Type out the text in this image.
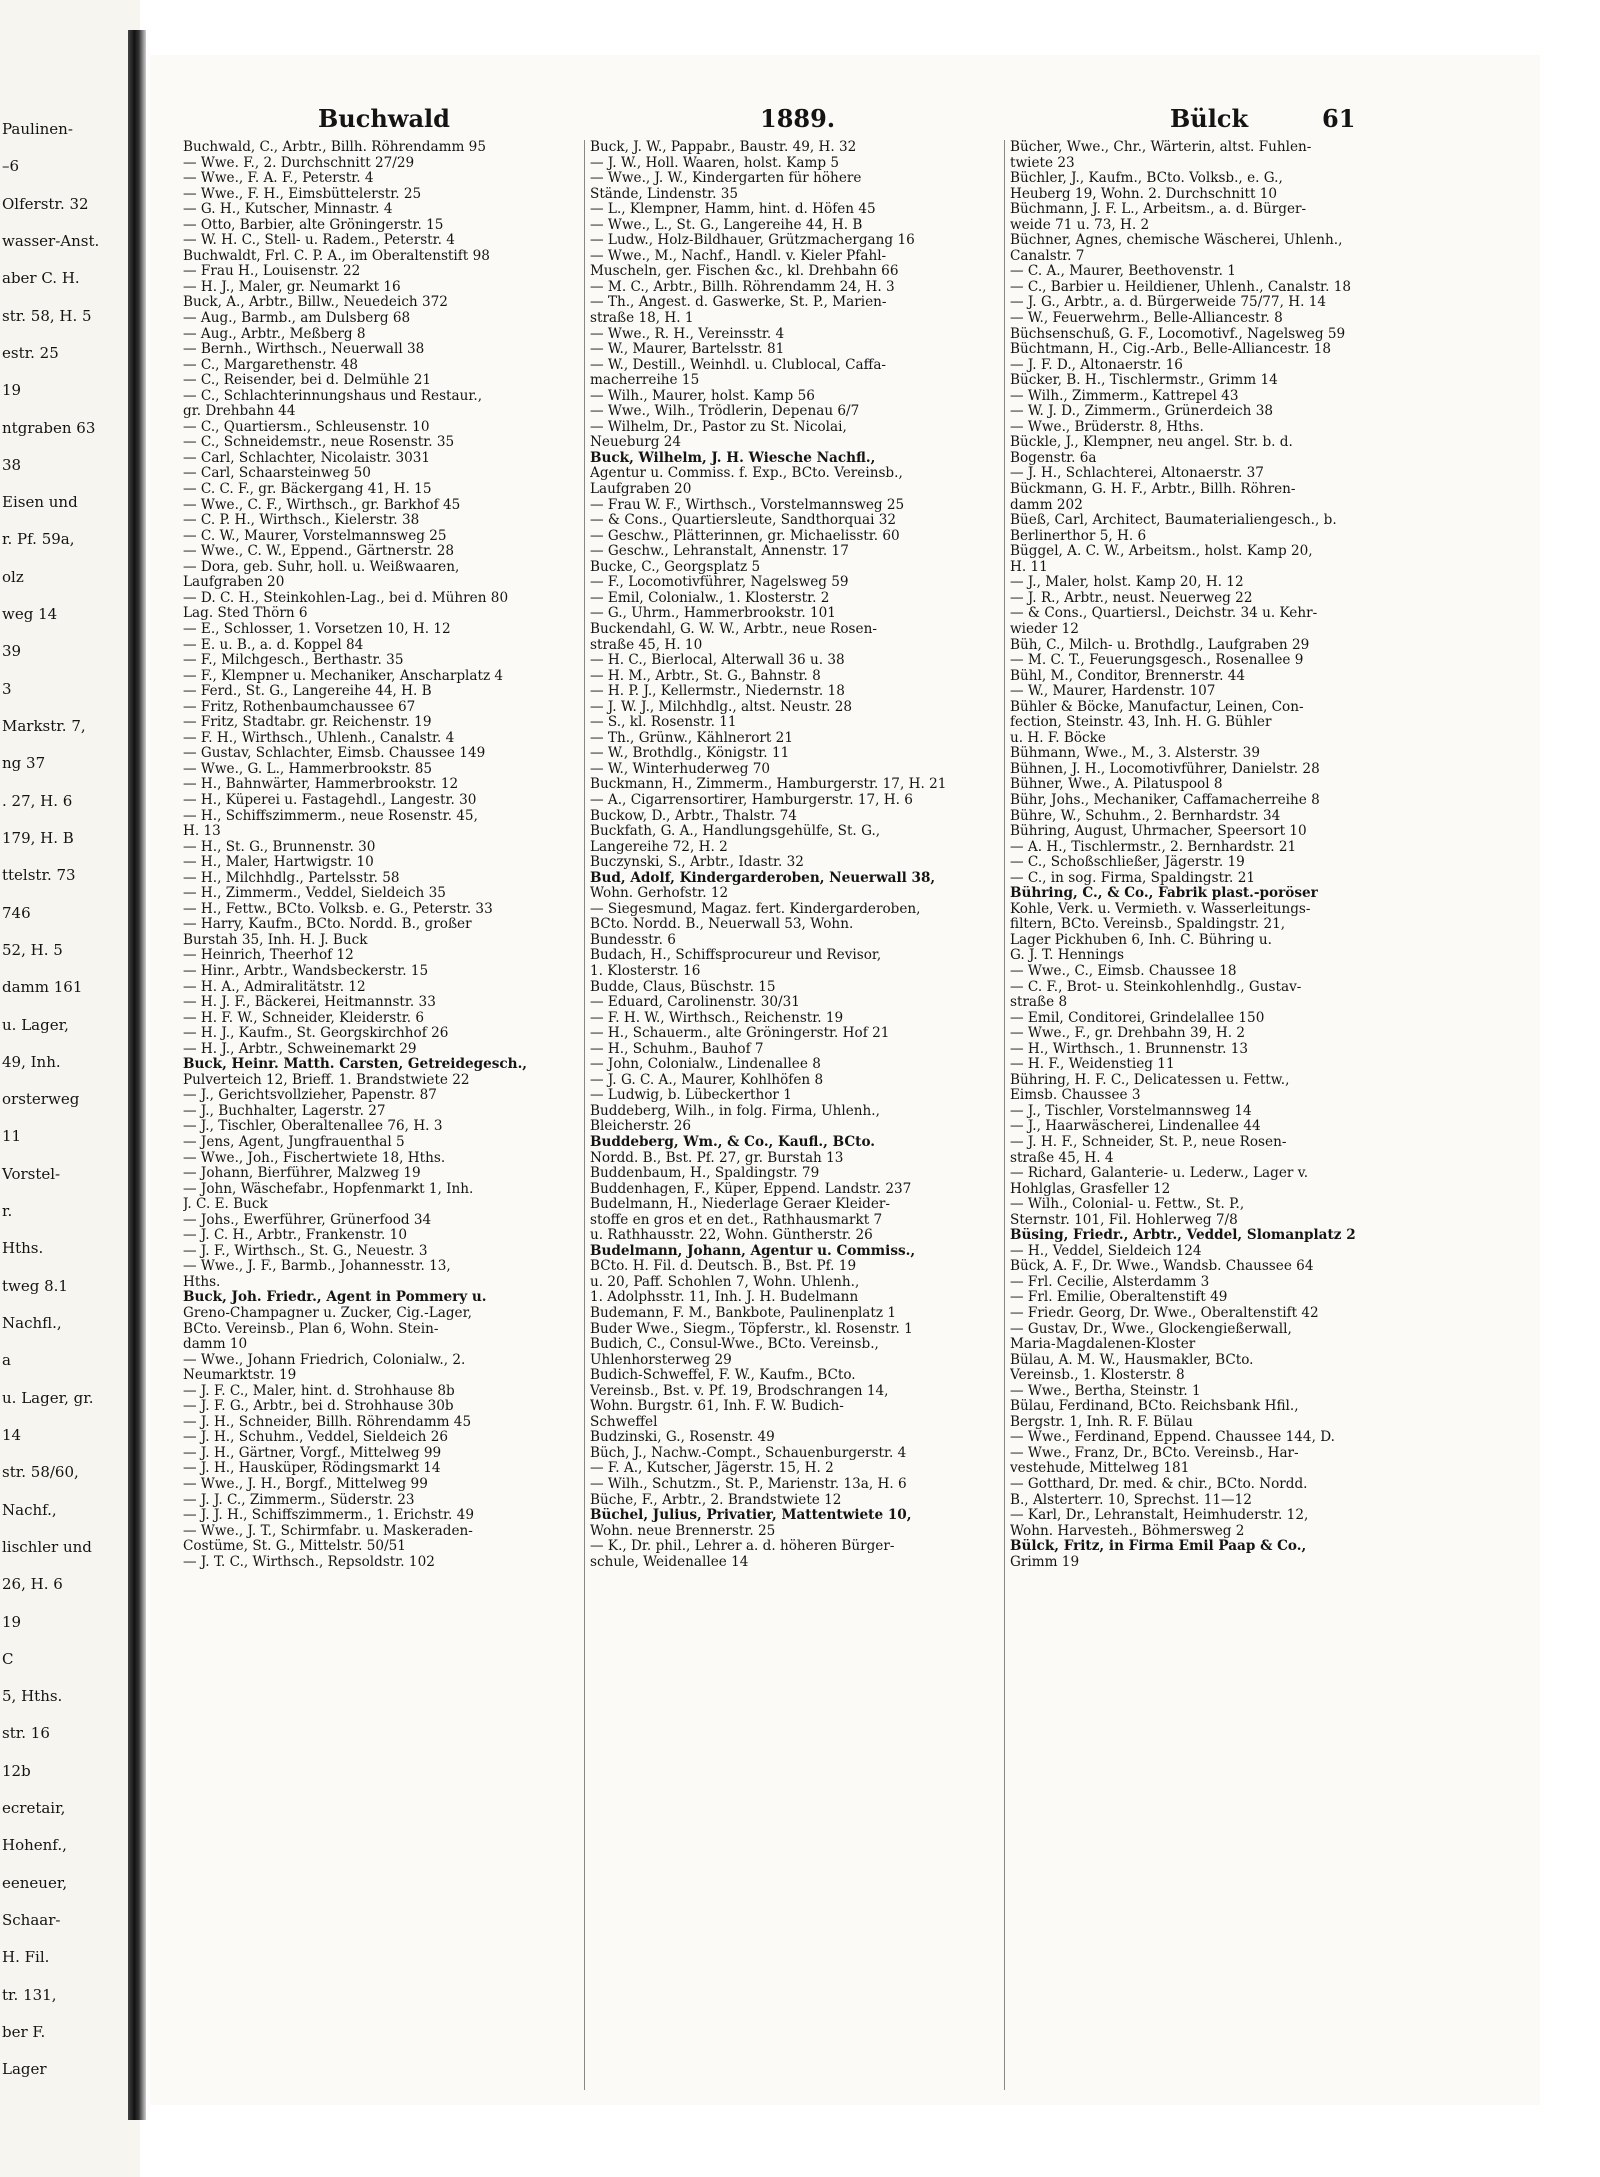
Paulinen-
–6
Olferstr. 32
wasser-Anst.
aber C. H.
str. 58, H. 5
estr. 25
19
ntgraben 63
38
Eisen und
r. Pf. 59a,
olz
weg 14
39
3
Markstr. 7,
ng 37
. 27, H. 6
179, H. B
ttelstr. 73
746
52, H. 5
damm 161
u. Lager,
49, Inh.
orsterweg
11
Vorstel-
r.
Hths.
tweg 8.1
Nachfl.,
a
u. Lager, gr.
14
str. 58/60,
Nachf.,
lischler und
26, H. 6
19
C
5, Hths.
str. 16
12b
ecretair,
Hohenf.,
eeneuer,
Schaar-
H. Fil.
tr. 131,
ber F.
Lager
Buchwald	1889.	Bülck	61
Buchwald, C., Arbtr., Billh. Röhrendamm 95
— Wwe. F., 2. Durchschnitt 27/29
— Wwe., F. A. F., Peterstr. 4
— Wwe., F. H., Eimsbüttelerstr. 25
— G. H., Kutscher, Minnastr. 4
— Otto, Barbier, alte Gröningerstr. 15
— W. H. C., Stell- u. Radem., Peterstr. 4
Buchwaldt, Frl. C. P. A., im Oberaltenstift 98
— Frau H., Louisenstr. 22
— H. J., Maler, gr. Neumarkt 16
Buck, A., Arbtr., Billw., Neuedeich 372
— Aug., Barmb., am Dulsberg 68
— Aug., Arbtr., Meßberg 8
— Bernh., Wirthsch., Neuerwall 38
— C., Margarethenstr. 48
— C., Reisender, bei d. Delmühle 21
— C., Schlachterinnungshaus und Restaur.,
gr. Drehbahn 44
— C., Quartiersm., Schleusenstr. 10
— C., Schneidemstr., neue Rosenstr. 35
— Carl, Schlachter, Nicolaistr. 3031
— Carl, Schaarsteinweg 50
— C. C. F., gr. Bäckergang 41, H. 15
— Wwe., C. F., Wirthsch., gr. Barkhof 45
— C. P. H., Wirthsch., Kielerstr. 38
— C. W., Maurer, Vorstelmannsweg 25
— Wwe., C. W., Eppend., Gärtnerstr. 28
— Dora, geb. Suhr, holl. u. Weißwaaren,
Laufgraben 20
— D. C. H., Steinkohlen-Lag., bei d. Mühren 80
Lag. Sted Thörn 6
— E., Schlosser, 1. Vorsetzen 10, H. 12
— E. u. B., a. d. Koppel 84
— F., Milchgesch., Berthastr. 35
— F., Klempner u. Mechaniker, Anscharplatz 4
— Ferd., St. G., Langereihe 44, H. B
— Fritz, Rothenbaumchaussee 67
— Fritz, Stadtabr. gr. Reichenstr. 19
— F. H., Wirthsch., Uhlenh., Canalstr. 4
— Gustav, Schlachter, Eimsb. Chaussee 149
— Wwe., G. L., Hammerbrookstr. 85
— H., Bahnwärter, Hammerbrookstr. 12
— H., Küperei u. Fastagehdl., Langestr. 30
— H., Schiffszimmerm., neue Rosenstr. 45,
H. 13
— H., St. G., Brunnenstr. 30
— H., Maler, Hartwigstr. 10
— H., Milchhdlg., Partelsstr. 58
— H., Zimmerm., Veddel, Sieldeich 35
— H., Fettw., BCto. Volksb. e. G., Peterstr. 33
— Harry, Kaufm., BCto. Nordd. B., großer
Burstah 35, Inh. H. J. Buck
— Heinrich, Theerhof 12
— Hinr., Arbtr., Wandsbeckerstr. 15
— H. A., Admiralitätstr. 12
— H. J. F., Bäckerei, Heitmannstr. 33
— H. F. W., Schneider, Kleiderstr. 6
— H. J., Kaufm., St. Georgskirchhof 26
— H. J., Arbtr., Schweinemarkt 29
Buck, Heinr. Matth. Carsten, Getreidegesch.,
Pulverteich 12, Brieff. 1. Brandstwiete 22
— J., Gerichtsvollzieher, Papenstr. 87
— J., Buchhalter, Lagerstr. 27
— J., Tischler, Oberaltenallee 76, H. 3
— Jens, Agent, Jungfrauenthal 5
— Wwe., Joh., Fischertwiete 18, Hths.
— Johann, Bierführer, Malzweg 19
— John, Wäschefabr., Hopfenmarkt 1, Inh.
J. C. E. Buck
— Johs., Ewerführer, Grünerfood 34
— J. C. H., Arbtr., Frankenstr. 10
— J. F., Wirthsch., St. G., Neuestr. 3
— Wwe., J. F., Barmb., Johannesstr. 13,
Hths.
Buck, Joh. Friedr., Agent in Pommery u.
Greno-Champagner u. Zucker, Cig.-Lager,
BCto. Vereinsb., Plan 6, Wohn. Stein-
damm 10
— Wwe., Johann Friedrich, Colonialw., 2.
Neumarktstr. 19
— J. F. C., Maler, hint. d. Strohhause 8b
— J. F. G., Arbtr., bei d. Strohhause 30b
— J. H., Schneider, Billh. Röhrendamm 45
— J. H., Schuhm., Veddel, Sieldeich 26
— J. H., Gärtner, Vorgf., Mittelweg 99
— J. H., Hausküper, Rödingsmarkt 14
— Wwe., J. H., Borgf., Mittelweg 99
— J. J. C., Zimmerm., Süderstr. 23
— J. J. H., Schiffszimmerm., 1. Erichstr. 49
— Wwe., J. T., Schirmfabr. u. Maskeraden-
Costüme, St. G., Mittelstr. 50/51
— J. T. C., Wirthsch., Repsoldstr. 102
Buck, J. W., Pappabr., Baustr. 49, H. 32
— J. W., Holl. Waaren, holst. Kamp 5
— Wwe., J. W., Kindergarten für höhere
Stände, Lindenstr. 35
— L., Klempner, Hamm, hint. d. Höfen 45
— Wwe., L., St. G., Langereihe 44, H. B
— Ludw., Holz-Bildhauer, Grützmachergang 16
— Wwe., M., Nachf., Handl. v. Kieler Pfahl-
Muscheln, ger. Fischen &c., kl. Drehbahn 66
— M. C., Arbtr., Billh. Röhrendamm 24, H. 3
— Th., Angest. d. Gaswerke, St. P., Marien-
straße 18, H. 1
— Wwe., R. H., Vereinsstr. 4
— W., Maurer, Bartelsstr. 81
— W., Destill., Weinhdl. u. Clublocal, Caffa-
macherreihe 15
— Wilh., Maurer, holst. Kamp 56
— Wwe., Wilh., Trödlerin, Depenau 6/7
— Wilhelm, Dr., Pastor zu St. Nicolai,
Neueburg 24
Buck, Wilhelm, J. H. Wiesche Nachfl.,
Agentur u. Commiss. f. Exp., BCto. Vereinsb.,
Laufgraben 20
— Frau W. F., Wirthsch., Vorstelmannsweg 25
— & Cons., Quartiersleute, Sandthorquai 32
— Geschw., Plätterinnen, gr. Michaelisstr. 60
— Geschw., Lehranstalt, Annenstr. 17
Bucke, C., Georgsplatz 5
— F., Locomotivführer, Nagelsweg 59
— Emil, Colonialw., 1. Klosterstr. 2
— G., Uhrm., Hammerbrookstr. 101
Buckendahl, G. W. W., Arbtr., neue Rosen-
straße 45, H. 10
— H. C., Bierlocal, Alterwall 36 u. 38
— H. M., Arbtr., St. G., Bahnstr. 8
— H. P. J., Kellermstr., Niedernstr. 18
— J. W. J., Milchhdlg., altst. Neustr. 28
— S., kl. Rosenstr. 11
— Th., Grünw., Kählnerort 21
— W., Brothdlg., Königstr. 11
— W., Winterhuderweg 70
Buckmann, H., Zimmerm., Hamburgerstr. 17, H. 21
— A., Cigarrensortirer, Hamburgerstr. 17, H. 6
Buckow, D., Arbtr., Thalstr. 74
Buckfath, G. A., Handlungsgehülfe, St. G.,
Langereihe 72, H. 2
Buczynski, S., Arbtr., Idastr. 32
Bud, Adolf, Kindergarderoben, Neuerwall 38,
Wohn. Gerhofstr. 12
— Siegesmund, Magaz. fert. Kindergarderoben,
BCto. Nordd. B., Neuerwall 53, Wohn.
Bundesstr. 6
Budach, H., Schiffsprocureur und Revisor,
1. Klosterstr. 16
Budde, Claus, Büschstr. 15
— Eduard, Carolinenstr. 30/31
— F. H. W., Wirthsch., Reichenstr. 19
— H., Schauerm., alte Gröningerstr. Hof 21
— H., Schuhm., Bauhof 7
— John, Colonialw., Lindenallee 8
— J. G. C. A., Maurer, Kohlhöfen 8
— Ludwig, b. Lübeckerthor 1
Buddeberg, Wilh., in folg. Firma, Uhlenh.,
Bleicherstr. 26
Buddeberg, Wm., & Co., Kaufl., BCto.
Nordd. B., Bst. Pf. 27, gr. Burstah 13
Buddenbaum, H., Spaldingstr. 79
Buddenhagen, F., Küper, Eppend. Landstr. 237
Budelmann, H., Niederlage Geraer Kleider-
stoffe en gros et en det., Rathhausmarkt 7
u. Rathhausstr. 22, Wohn. Güntherstr. 26
Budelmann, Johann, Agentur u. Commiss.,
BCto. H. Fil. d. Deutsch. B., Bst. Pf. 19
u. 20, Paff. Schohlen 7, Wohn. Uhlenh.,
1. Adolphsstr. 11, Inh. J. H. Budelmann
Budemann, F. M., Bankbote, Paulinenplatz 1
Buder Wwe., Siegm., Töpferstr., kl. Rosenstr. 1
Budich, C., Consul-Wwe., BCto. Vereinsb.,
Uhlenhorsterweg 29
Budich-Schweffel, F. W., Kaufm., BCto.
Vereinsb., Bst. v. Pf. 19, Brodschrangen 14,
Wohn. Burgstr. 61, Inh. F. W. Budich-
Schweffel
Budzinski, G., Rosenstr. 49
Büch, J., Nachw.-Compt., Schauenburgerstr. 4
— F. A., Kutscher, Jägerstr. 15, H. 2
— Wilh., Schutzm., St. P., Marienstr. 13a, H. 6
Büche, F., Arbtr., 2. Brandstwiete 12
Büchel, Julius, Privatier, Mattentwiete 10,
Wohn. neue Brennerstr. 25
— K., Dr. phil., Lehrer a. d. höheren Bürger-
schule, Weidenallee 14
Bücher, Wwe., Chr., Wärterin, altst. Fuhlen-
twiete 23
Büchler, J., Kaufm., BCto. Volksb., e. G.,
Heuberg 19, Wohn. 2. Durchschnitt 10
Büchmann, J. F. L., Arbeitsm., a. d. Bürger-
weide 71 u. 73, H. 2
Büchner, Agnes, chemische Wäscherei, Uhlenh.,
Canalstr. 7
— C. A., Maurer, Beethovenstr. 1
— C., Barbier u. Heildiener, Uhlenh., Canalstr. 18
— J. G., Arbtr., a. d. Bürgerweide 75/77, H. 14
— W., Feuerwehrm., Belle-Alliancestr. 8
Büchsenschuß, G. F., Locomotivf., Nagelsweg 59
Büchtmann, H., Cig.-Arb., Belle-Alliancestr. 18
— J. F. D., Altonaerstr. 16
Bücker, B. H., Tischlermstr., Grimm 14
— Wilh., Zimmerm., Kattrepel 43
— W. J. D., Zimmerm., Grünerdeich 38
— Wwe., Brüderstr. 8, Hths.
Bückle, J., Klempner, neu angel. Str. b. d.
Bogenstr. 6a
— J. H., Schlachterei, Altonaerstr. 37
Bückmann, G. H. F., Arbtr., Billh. Röhren-
damm 202
Büeß, Carl, Architect, Baumaterialiengesch., b.
Berlinerthor 5, H. 6
Büggel, A. C. W., Arbeitsm., holst. Kamp 20,
H. 11
— J., Maler, holst. Kamp 20, H. 12
— J. R., Arbtr., neust. Neuerweg 22
— & Cons., Quartiersl., Deichstr. 34 u. Kehr-
wieder 12
Büh, C., Milch- u. Brothdlg., Laufgraben 29
— M. C. T., Feuerungsgesch., Rosenallee 9
Bühl, M., Conditor, Brennerstr. 44
— W., Maurer, Hardenstr. 107
Bühler & Böcke, Manufactur, Leinen, Con-
fection, Steinstr. 43, Inh. H. G. Bühler
u. H. F. Böcke
Bühmann, Wwe., M., 3. Alsterstr. 39
Bühnen, J. H., Locomotivführer, Danielstr. 28
Bühner, Wwe., A. Pilatuspool 8
Bühr, Johs., Mechaniker, Caffamacherreihe 8
Bühre, W., Schuhm., 2. Bernhardstr. 34
Bühring, August, Uhrmacher, Speersort 10
— A. H., Tischlermstr., 2. Bernhardstr. 21
— C., Schoßschließer, Jägerstr. 19
— C., in sog. Firma, Spaldingstr. 21
Bühring, C., & Co., Fabrik plast.-poröser
Kohle, Verk. u. Vermieth. v. Wasserleitungs-
filtern, BCto. Vereinsb., Spaldingstr. 21,
Lager Pickhuben 6, Inh. C. Bühring u.
G. J. T. Hennings
— Wwe., C., Eimsb. Chaussee 18
— C. F., Brot- u. Steinkohlenhdlg., Gustav-
straße 8
— Emil, Conditorei, Grindelallee 150
— Wwe., F., gr. Drehbahn 39, H. 2
— H., Wirthsch., 1. Brunnenstr. 13
— H. F., Weidenstieg 11
Bühring, H. F. C., Delicatessen u. Fettw.,
Eimsb. Chaussee 3
— J., Tischler, Vorstelmannsweg 14
— J., Haarwäscherei, Lindenallee 44
— J. H. F., Schneider, St. P., neue Rosen-
straße 45, H. 4
— Richard, Galanterie- u. Lederw., Lager v.
Hohlglas, Grasfeller 12
— Wilh., Colonial- u. Fettw., St. P.,
Sternstr. 101, Fil. Hohlerweg 7/8
Büsing, Friedr., Arbtr., Veddel, Slomanplatz 2
— H., Veddel, Sieldeich 124
Bück, A. F., Dr. Wwe., Wandsb. Chaussee 64
— Frl. Cecilie, Alsterdamm 3
— Frl. Emilie, Oberaltenstift 49
— Friedr. Georg, Dr. Wwe., Oberaltenstift 42
— Gustav, Dr., Wwe., Glockengießerwall,
Maria-Magdalenen-Kloster
Bülau, A. M. W., Hausmakler, BCto.
Vereinsb., 1. Klosterstr. 8
— Wwe., Bertha, Steinstr. 1
Bülau, Ferdinand, BCto. Reichsbank Hfil.,
Bergstr. 1, Inh. R. F. Bülau
— Wwe., Ferdinand, Eppend. Chaussee 144, D.
— Wwe., Franz, Dr., BCto. Vereinsb., Har-
vestehude, Mittelweg 181
— Gotthard, Dr. med. & chir., BCto. Nordd.
B., Alsterterr. 10, Sprechst. 11—12
— Karl, Dr., Lehranstalt, Heimhuderstr. 12,
Wohn. Harvesteh., Böhmersweg 2
Bülck, Fritz, in Firma Emil Paap & Co.,
Grimm 19
